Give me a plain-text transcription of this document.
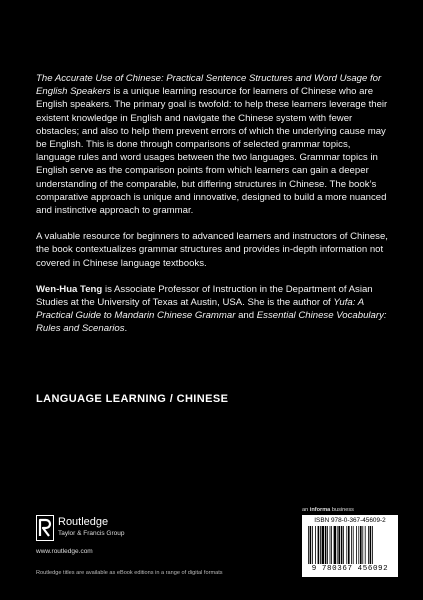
The Accurate Use of Chinese: Practical Sentence Structures and Word Usage for English Speakers is a unique learning resource for learners of Chinese who are English speakers. The primary goal is twofold: to help these learners leverage their existent knowledge in English and navigate the Chinese system with fewer obstacles; and also to help them prevent errors of which the underlying cause may be English. This is done through comparisons of selected grammar topics, language rules and word usages between the two languages. Grammar topics in English serve as the comparison points from which learners can gain a deeper understanding of the comparable, but differing structures in Chinese. The book’s comparative approach is unique and innovative, designed to build a more nuanced and instinctive approach to grammar.

A valuable resource for beginners to advanced learners and instructors of Chinese, the book contextualizes grammar structures and provides in-depth information not covered in Chinese language textbooks.

Wen-Hua Teng is Associate Professor of Instruction in the Department of Asian Studies at the University of Texas at Austin, USA. She is the author of Yufa: A Practical Guide to Mandarin Chinese Grammar and Essential Chinese Vocabulary: Rules and Scenarios.

LANGUAGE LEARNING / CHINESE
Routledge
Taylor & Francis Group
www.routledge.com
Routledge titles are available as eBook editions in a range of digital formats
an informa business
ISBN 978-0-367-45609-2
9 780367 456092
